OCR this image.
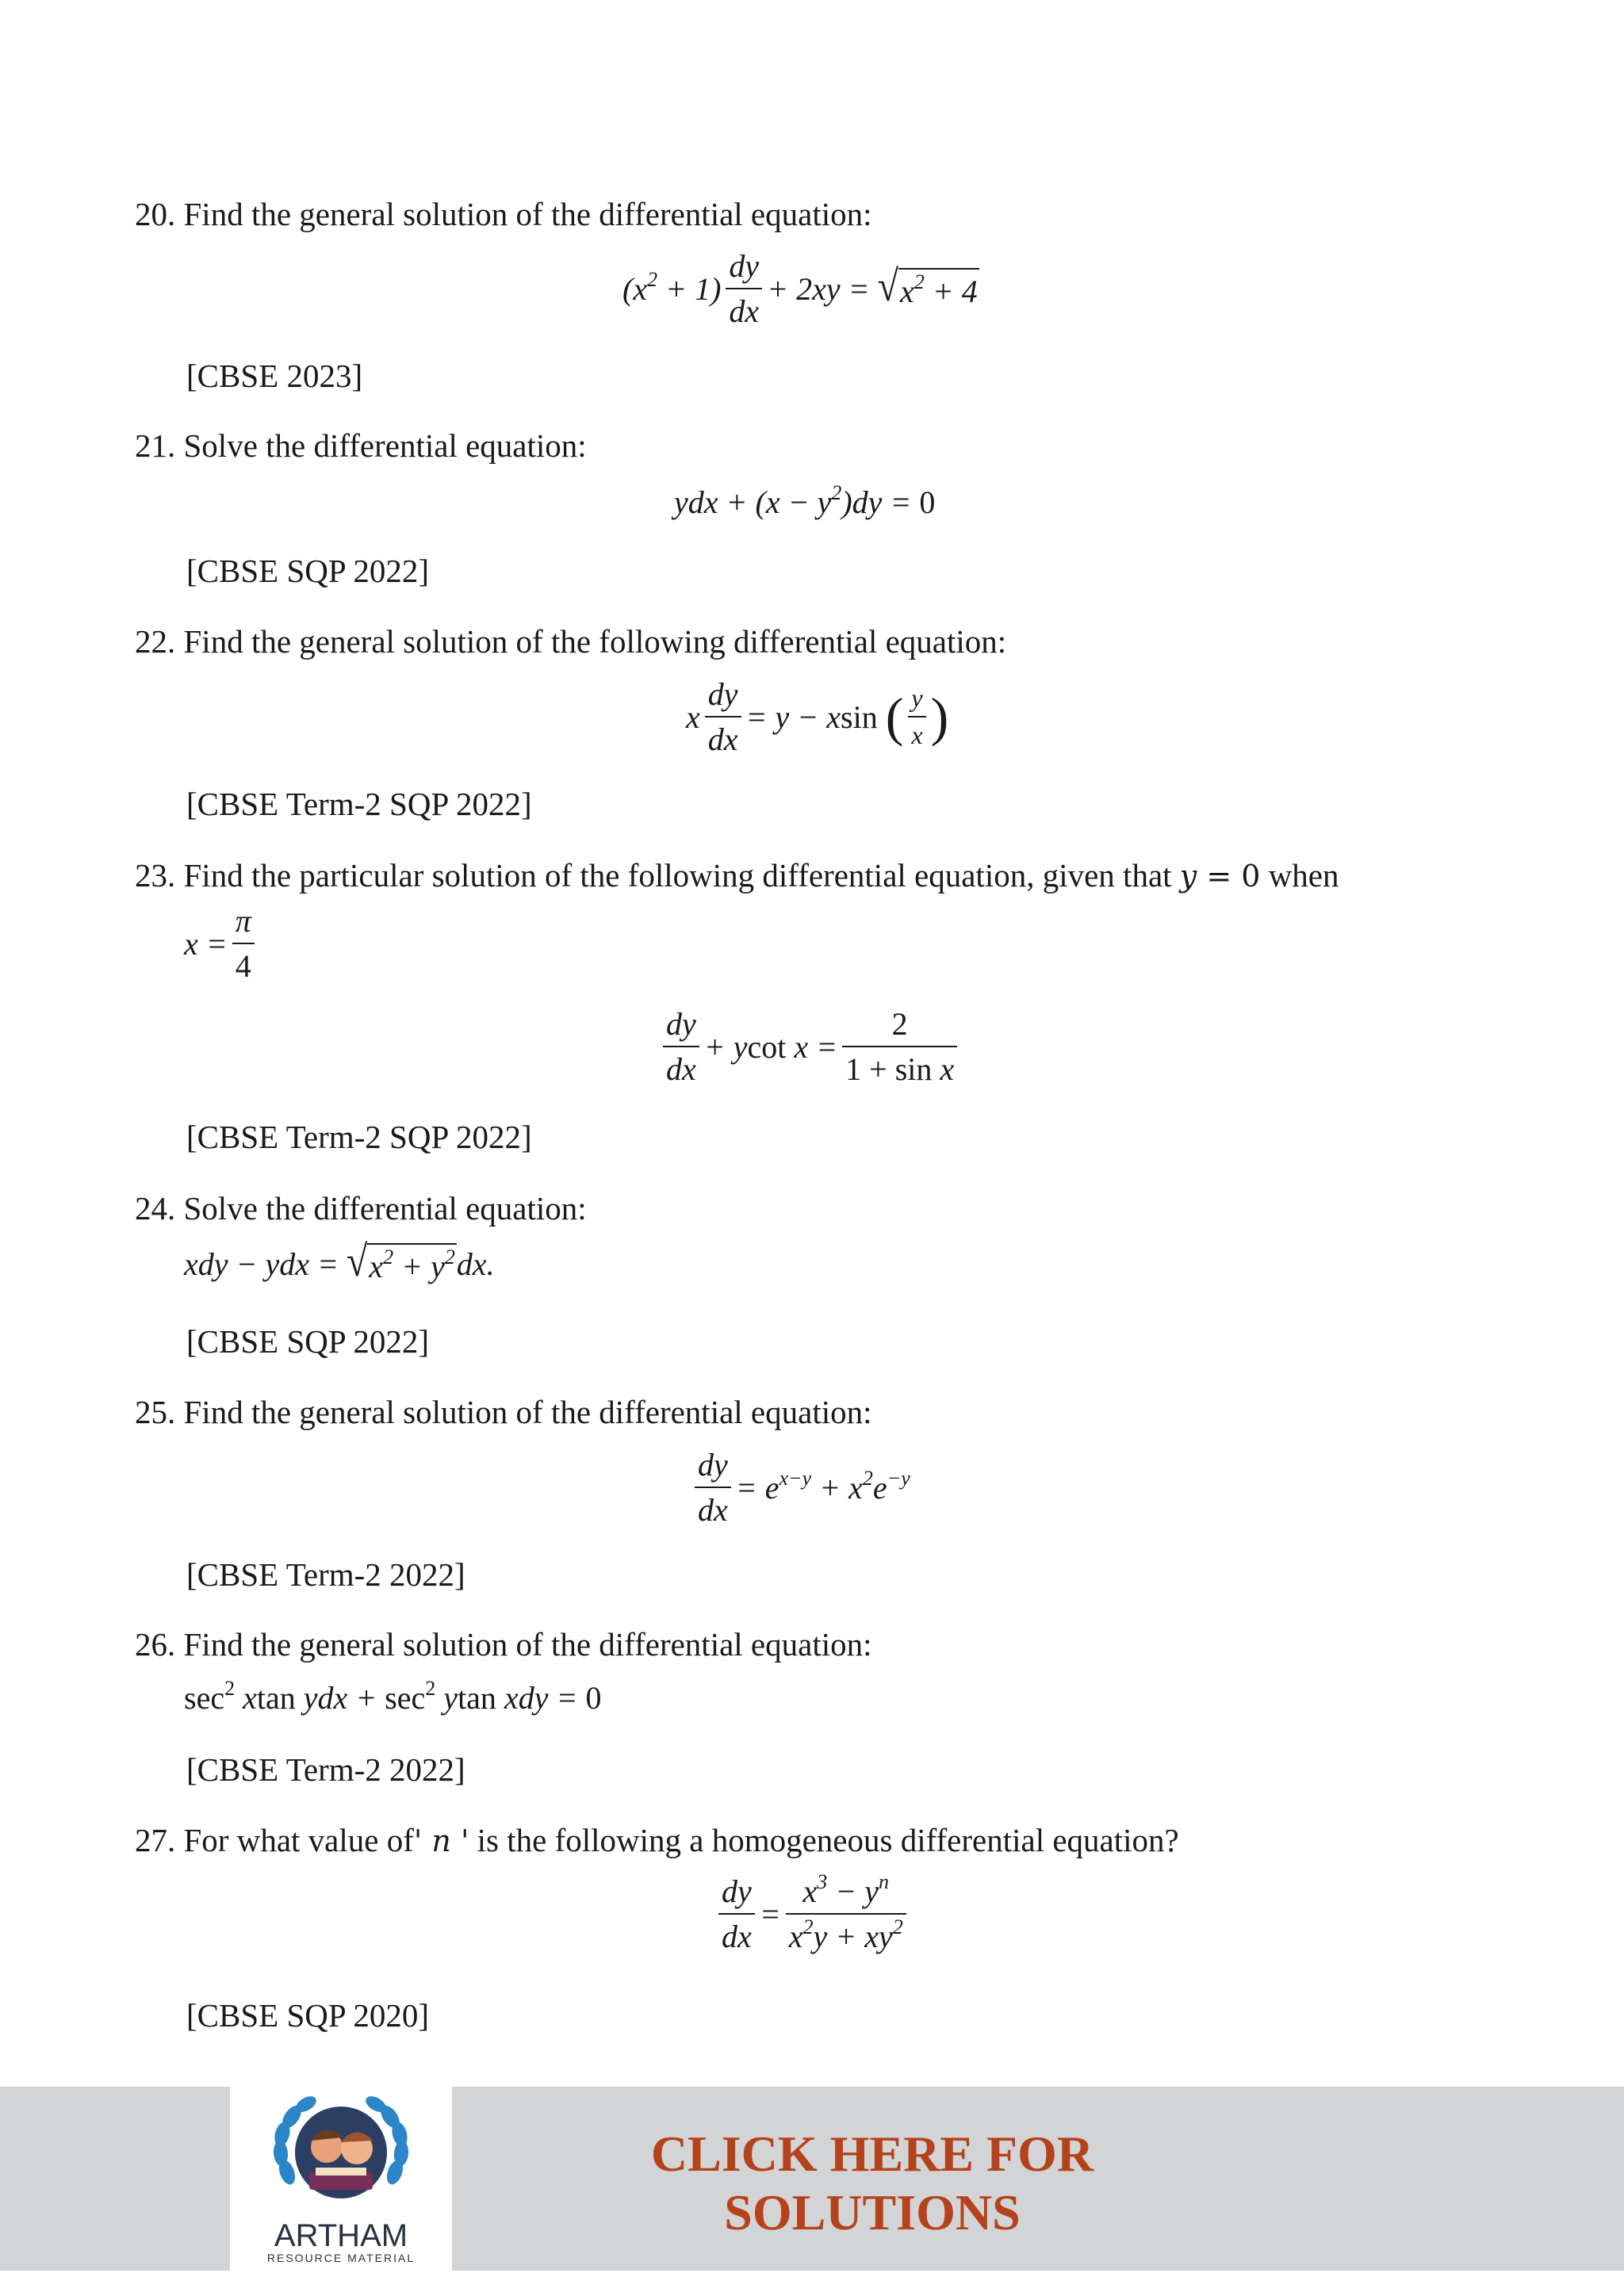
20. Find the general solution of the differential equation:
$(x^2 + 1) \frac{dy}{dx} + 2xy$ =
√ $x^2 + 4$
[CBSE 2023]
21. Solve the differential equation:
ydx + $(x - y^2)dy = 0$
[CBSE SQP 2022]
22. Find the general solution of the following differential equation:
x $\frac{dy}{dx} = y - xsin$ ( $\frac{y}{x}$ )
[CBSE Term-2 SQP 2022]
23. Find the particular solution of the following differential equation, given that y = 0 when
$x = \frac{\pi}{4}$
$\frac{dy}{dx} + ycot$ $x = \frac{2}{\text{1 + sin x}}$
[CBSE Term-2 SQP 2022]
24. Solve the differential equation:
xdy − ydx =
√ $x^2 + y^2$ dx.
[CBSE SQP 2022]
25. Find the general solution of the differential equation:
$\frac{dy}{dx} = e^{x-y} + x^2e^{-y}$
[CBSE Term-2 2022]
26. Find the general solution of the differential equation:
$\sec^2 xtan$ ydx + $\sec^2 ytan$ xdy = 0
[CBSE Term-2 2022]
27. For what value of' n ' is the following a homogeneous differential equation?
$\frac{dy}{dx} = \frac{x^3 - y^n}{x^2y + xy^2}$
[CBSE SQP 2020]
ARTHAM
RESOURCE MATERIAL
CLICK HERE FOR
SOLUTIONS
